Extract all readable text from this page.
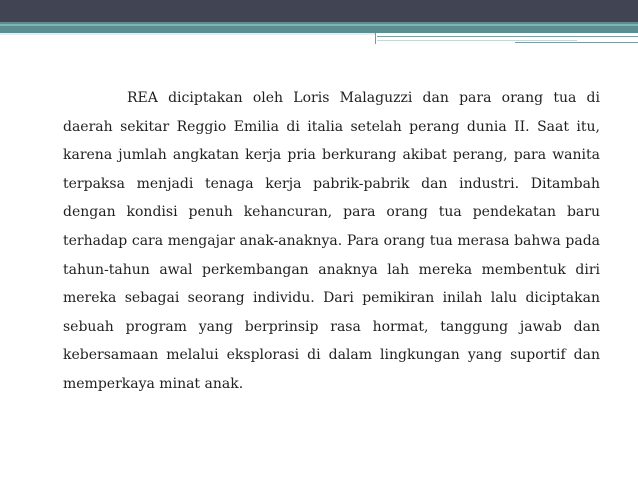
REA diciptakan oleh Loris Malaguzzi dan para orang tua di daerah sekitar Reggio Emilia di italia setelah perang dunia II. Saat itu, karena jumlah angkatan kerja pria berkurang akibat perang, para wanita terpaksa menjadi tenaga kerja pabrik-pabrik dan industri. Ditambah dengan kondisi penuh kehancuran, para orang tua pendekatan baru terhadap cara mengajar anak-anaknya. Para orang tua merasa bahwa pada tahun-tahun awal perkembangan anaknya lah mereka membentuk diri mereka sebagai seorang individu. Dari pemikiran inilah lalu diciptakan sebuah program yang berprinsip rasa hormat, tanggung jawab dan kebersamaan melalui eksplorasi di dalam lingkungan yang suportif dan memperkaya minat anak.
